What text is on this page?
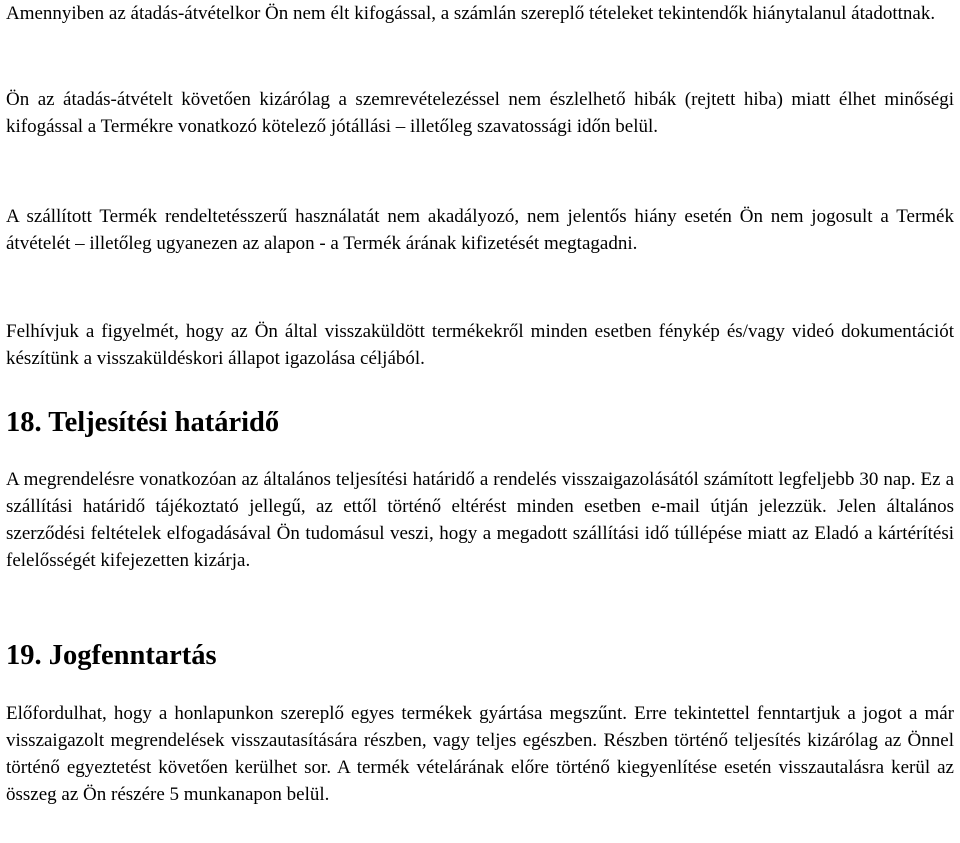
Amennyiben az átadás-átvételkor Ön nem élt kifogással, a számlán szereplő tételeket tekintendők hiánytalanul átadottnak.

Ön az átadás-átvételt követően kizárólag a szemrevételezéssel nem észlelhető hibák (rejtett hiba) miatt élhet minőségi kifogással a Termékre vonatkozó kötelező jótállási – illetőleg szavatossági időn belül.

A szállított Termék rendeltetésszerű használatát nem akadályozó, nem jelentős hiány esetén Ön nem jogosult a Termék átvételét – illetőleg ugyanezen az alapon - a Termék árának kifizetését megtagadni.

Felhívjuk a figyelmét, hogy az Ön által visszaküldött termékekről minden esetben fénykép és/vagy videó dokumentációt készítünk a visszaküldéskori állapot igazolása céljából.

18. Teljesítési határidő

A megrendelésre vonatkozóan az általános teljesítési határidő a rendelés visszaigazolásától számított legfeljebb 30 nap. Ez a szállítási határidő tájékoztató jellegű, az ettől történő eltérést minden esetben e-mail útján jelezzük. Jelen általános szerződési feltételek elfogadásával Ön tudomásul veszi, hogy a megadott szállítási idő túllépése miatt az Eladó a kártérítési felelősségét kifejezetten kizárja.

19. Jogfenntartás

Előfordulhat, hogy a honlapunkon szereplő egyes termékek gyártása megszűnt. Erre tekintettel fenntartjuk a jogot a már visszaigazolt megrendelések visszautasítására részben, vagy teljes egészben. Részben történő teljesítés kizárólag az Önnel történő egyeztetést követően kerülhet sor. A termék vételárának előre történő kiegyenlítése esetén visszautalásra kerül az összeg az Ön részére 5 munkanapon belül.
